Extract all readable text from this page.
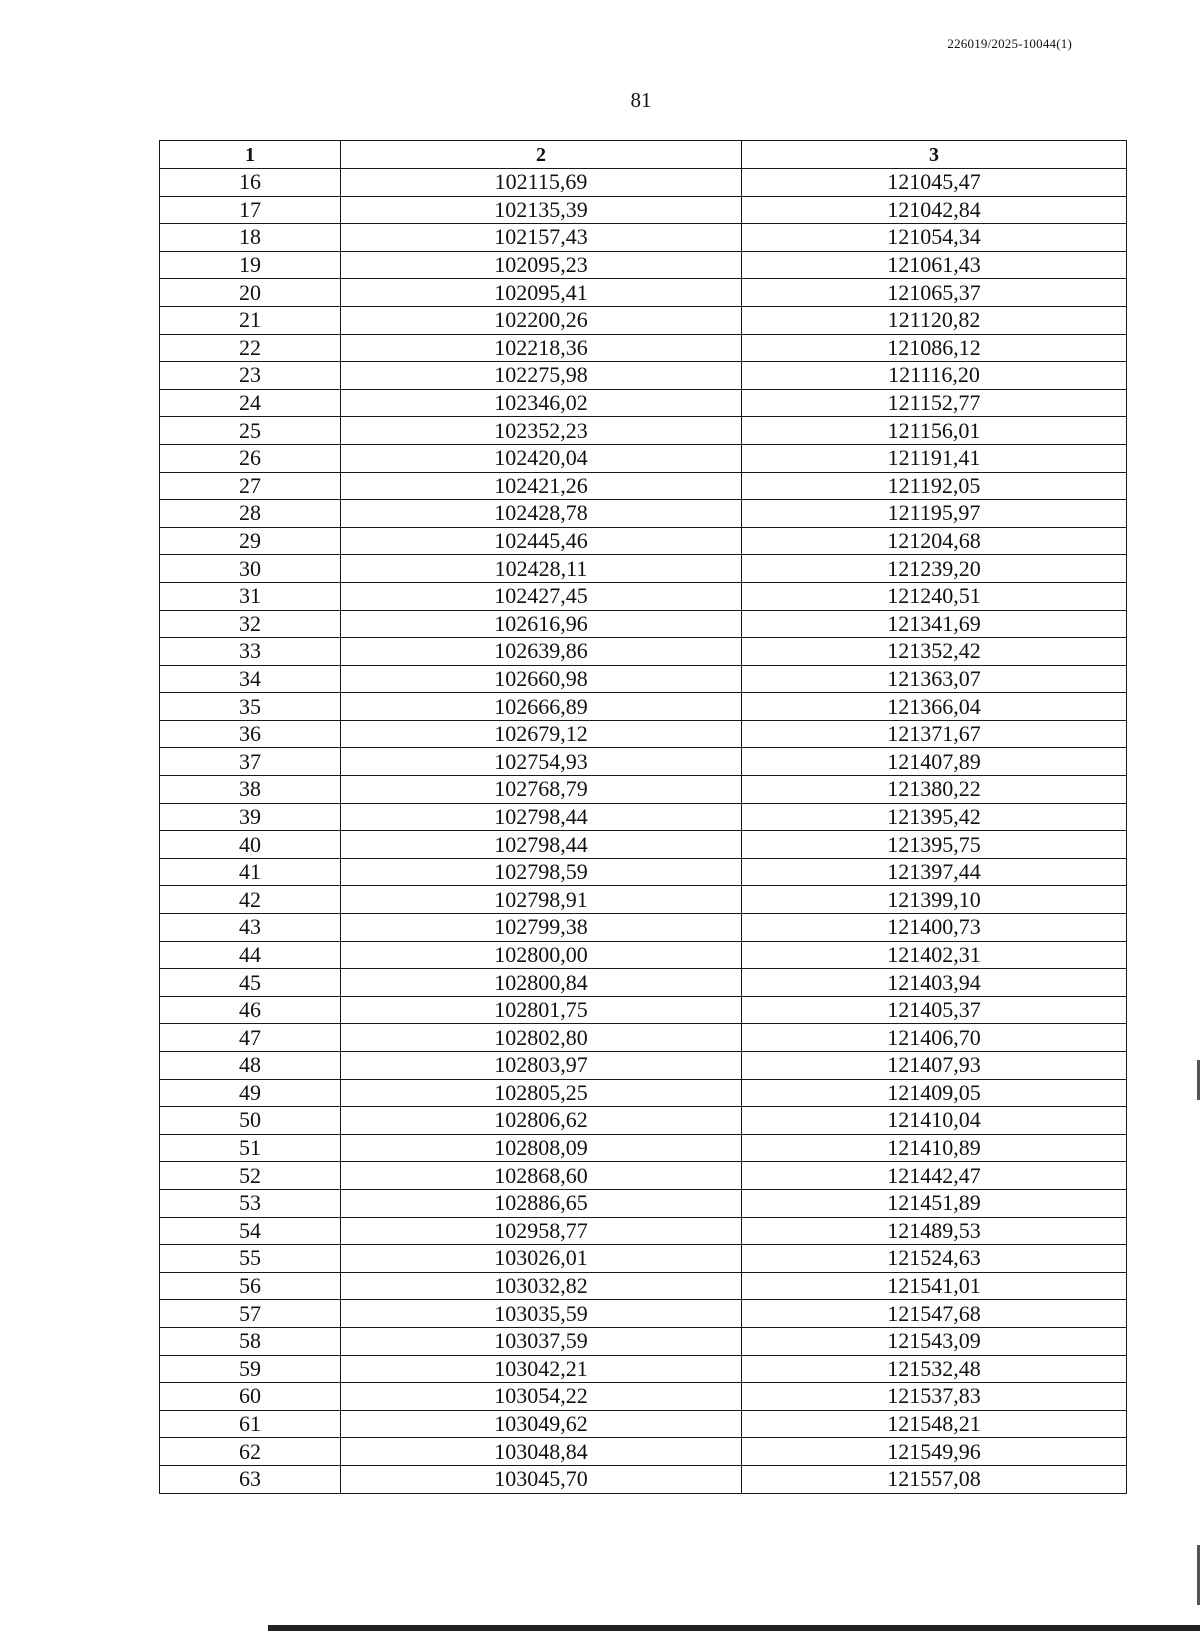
226019/2025-10044(1)
81
1	2	3
16	102115,69	121045,47
17	102135,39	121042,84
18	102157,43	121054,34
19	102095,23	121061,43
20	102095,41	121065,37
21	102200,26	121120,82
22	102218,36	121086,12
23	102275,98	121116,20
24	102346,02	121152,77
25	102352,23	121156,01
26	102420,04	121191,41
27	102421,26	121192,05
28	102428,78	121195,97
29	102445,46	121204,68
30	102428,11	121239,20
31	102427,45	121240,51
32	102616,96	121341,69
33	102639,86	121352,42
34	102660,98	121363,07
35	102666,89	121366,04
36	102679,12	121371,67
37	102754,93	121407,89
38	102768,79	121380,22
39	102798,44	121395,42
40	102798,44	121395,75
41	102798,59	121397,44
42	102798,91	121399,10
43	102799,38	121400,73
44	102800,00	121402,31
45	102800,84	121403,94
46	102801,75	121405,37
47	102802,80	121406,70
48	102803,97	121407,93
49	102805,25	121409,05
50	102806,62	121410,04
51	102808,09	121410,89
52	102868,60	121442,47
53	102886,65	121451,89
54	102958,77	121489,53
55	103026,01	121524,63
56	103032,82	121541,01
57	103035,59	121547,68
58	103037,59	121543,09
59	103042,21	121532,48
60	103054,22	121537,83
61	103049,62	121548,21
62	103048,84	121549,96
63	103045,70	121557,08
